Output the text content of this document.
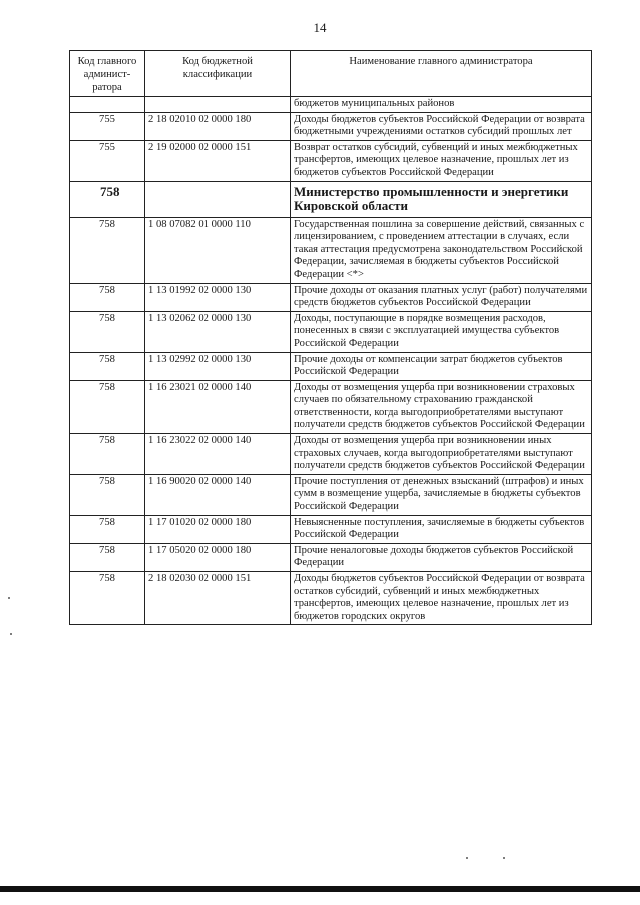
14
Код главного админист-ратора	Код бюджетной классификации	Наименование главного администратора
		бюджетов муниципальных районов
755	2 18 02010 02 0000 180	Доходы бюджетов субъектов Российской Федерации от возврата бюджетными учреждениями остатков субсидий прошлых лет
755	2 19 02000 02 0000 151	Возврат остатков субсидий, субвенций и иных межбюджетных трансфертов, имеющих целевое назначение, прошлых лет из бюджетов субъектов Российской Федерации
758		Министерство промышленности и энергетики Кировской области
758	1 08 07082 01 0000 110	Государственная пошлина за совершение действий, связанных с лицензированием, с проведением аттестации в случаях, если такая аттестация предусмотрена законодательством Российской Федерации, зачисляемая в бюджеты субъектов Российской Федерации <*>
758	1 13 01992 02 0000 130	Прочие доходы от оказания платных услуг (работ) получателями средств бюджетов субъектов Российской Федерации
758	1 13 02062 02 0000 130	Доходы, поступающие в порядке возмещения расходов, понесенных в связи с эксплуатацией имущества субъектов Российской Федерации
758	1 13 02992 02 0000 130	Прочие доходы от компенсации затрат бюджетов субъектов Российской Федерации
758	1 16 23021 02 0000 140	Доходы от возмещения ущерба при возникновении страховых случаев по обязательному страхованию гражданской ответственности, когда выгодоприобретателями выступают получатели средств бюджетов субъектов Российской Федерации
758	1 16 23022 02 0000 140	Доходы от возмещения ущерба при возникновении иных страховых случаев, когда выгодоприобретателями выступают получатели средств бюджетов субъектов Российской Федерации
758	1 16 90020 02 0000 140	Прочие поступления от денежных взысканий (штрафов) и иных сумм в возмещение ущерба, зачисляемые в бюджеты субъектов Российской Федерации
758	1 17 01020 02 0000 180	Невыясненные поступления, зачисляемые в бюджеты субъектов Российской Федерации
758	1 17 05020 02 0000 180	Прочие неналоговые доходы бюджетов субъектов Российской Федерации
758	2 18 02030 02 0000 151	Доходы бюджетов субъектов Российской Федерации от возврата остатков субсидий, субвенций и иных межбюджетных трансфертов, имеющих целевое назначение, прошлых лет из бюджетов городских округов
